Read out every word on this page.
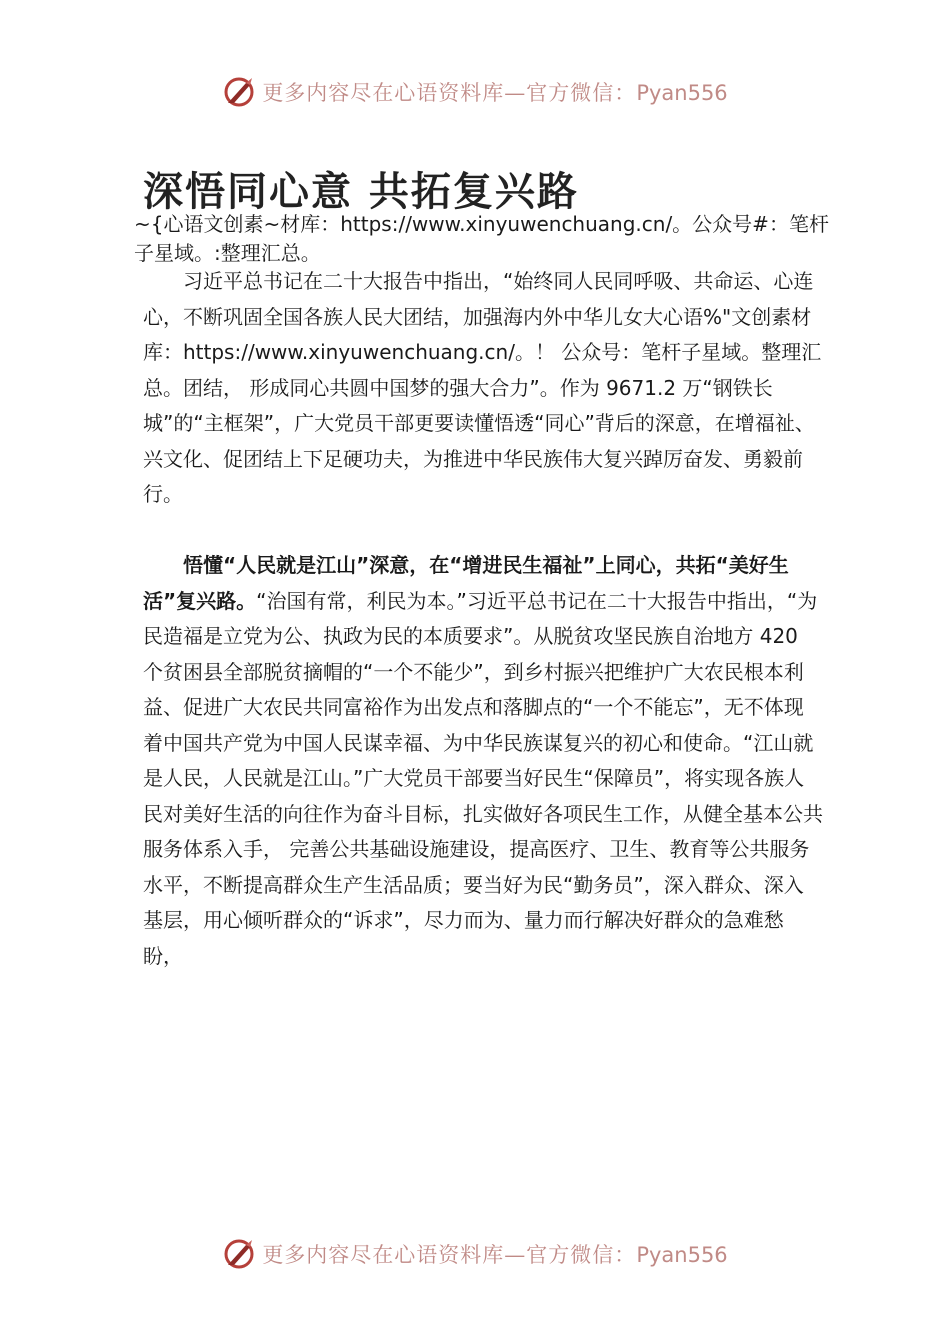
更多内容尽在心语资料库—官方微信：Pyan556
深悟同心意 共拓复兴路

~{心语文创素~材库：https://www.xinyuwenchuang.cn/。公众号#：笔杆子星域。:整理汇总。

习近平总书记在二十大报告中指出，“始终同人民同呼吸、共命运、心连心，不断巩固全国各族人民大团结，加强海内外中华儿女大心语%"文创素材库：https://www.xinyuwenchuang.cn/。！ 公众号：笔杆子星域。整理汇总。团结， 形成同心共圆中国梦的强大合力”。作为 9671.2 万“钢铁长城”的“主框架”，广大党员干部更要读懂悟透“同心”背后的深意，在增福祉、兴文化、促团结上下足硬功夫，为推进中华民族伟大复兴踔厉奋发、勇毅前行。

悟懂“人民就是江山”深意，在“增进民生福祉”上同心，共拓“美好生活”复兴路。“治国有常，利民为本。”习近平总书记在二十大报告中指出，“为民造福是立党为公、执政为民的本质要求”。从脱贫攻坚民族自治地方 420 个贫困县全部脱贫摘帽的“一个不能少”，到乡村振兴把维护广大农民根本利益、促进广大农民共同富裕作为出发点和落脚点的“一个不能忘”，无不体现着中国共产党为中国人民谋幸福、为中华民族谋复兴的初心和使命。“江山就是人民，人民就是江山。”广大党员干部要当好民生“保障员”，将实现各族人民对美好生活的向往作为奋斗目标，扎实做好各项民生工作，从健全基本公共服务体系入手， 完善公共基础设施建设，提高医疗、卫生、教育等公共服务水平，不断提高群众生产生活品质；要当好为民“勤务员”，深入群众、深入基层，用心倾听群众的“诉求”，尽力而为、量力而行解决好群众的急难愁盼，

更多内容尽在心语资料库—官方微信：Pyan556
